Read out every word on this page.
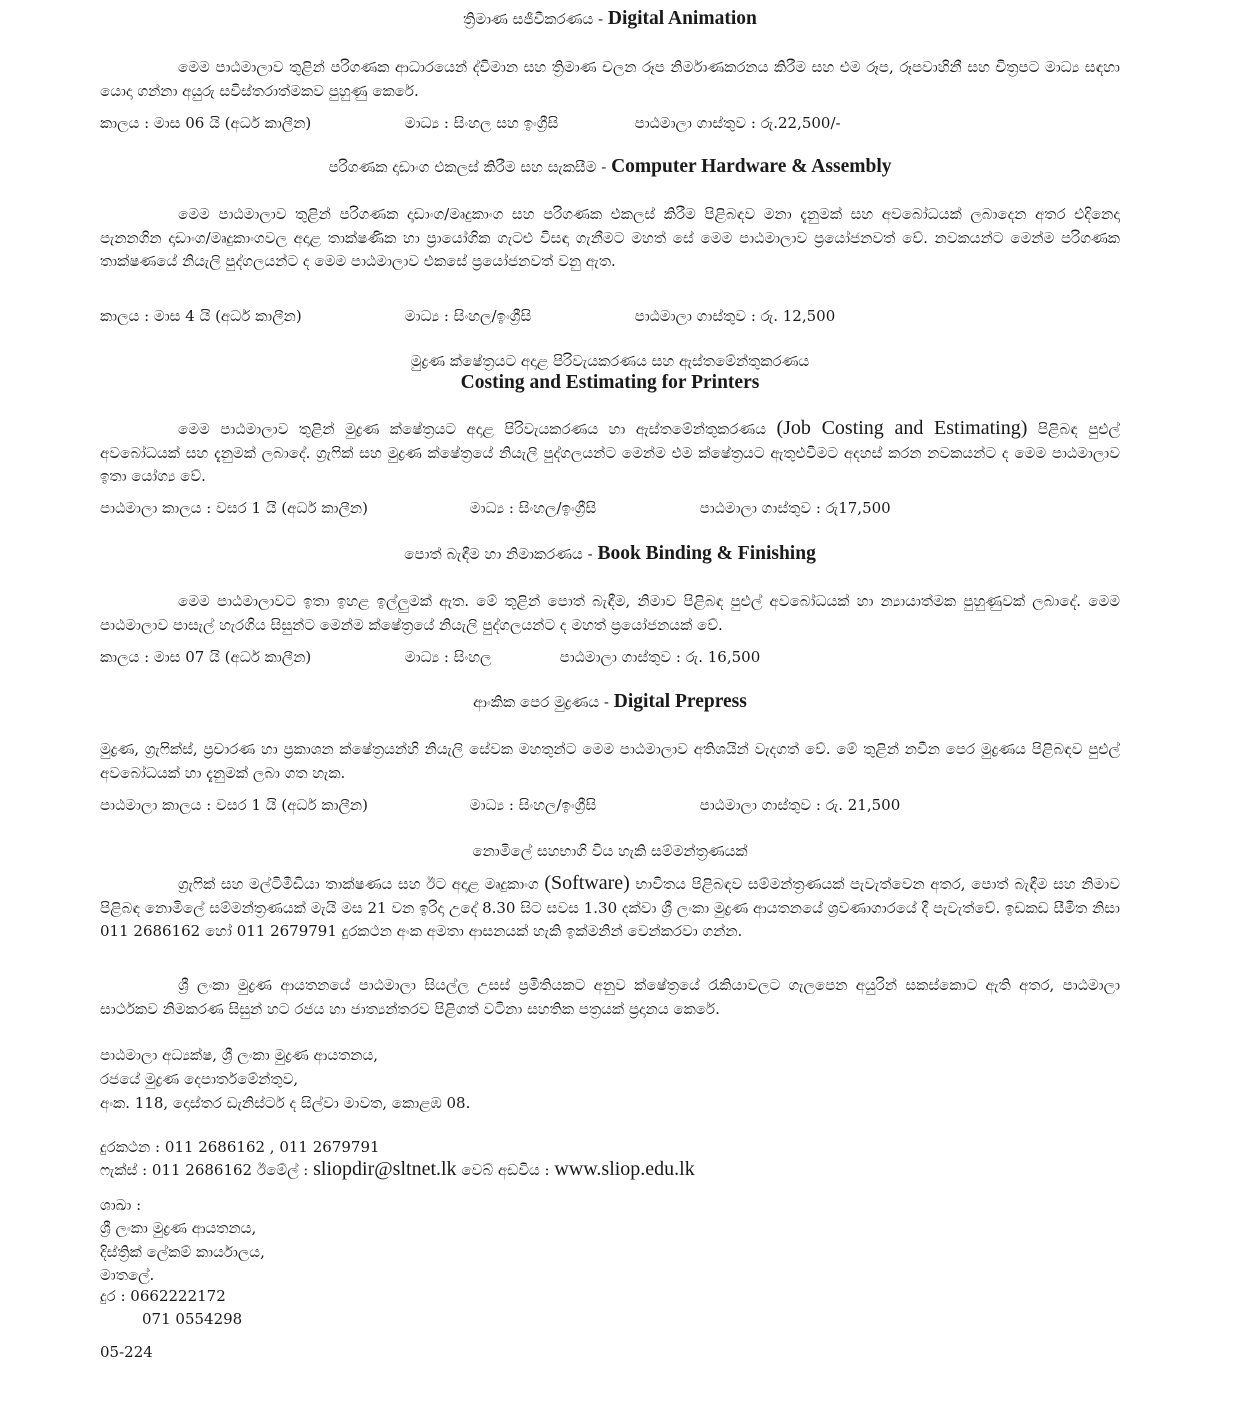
ත්‍රිමාණ සජීවීකරණය - Digital Animation

මෙම පාඨමාලාව තුළින් පරිගණක ආධාරයෙන් ද්විමාන සහ ත්‍රිමාණ චලන රූප නිර්මාණකරනය කිරීම සහ එම රූප, රූපවාහිනී සහ චිත්‍රපට මාධ්‍ය සඳහා යොදා ගන්නා අයුරු සවිස්තරාත්මකව පුහුණු කෙරේ.

කාලය : මාස 06 යි (අර්ධ කාලීන)	මාධ්‍ය : සිංහල සහ ඉංග්‍රීසි	පාඨමාලා ගාස්තුව : රු.22,500/-
පරිගණක දෘඩාංග එකලස් කිරීම සහ සැකසීම - Computer Hardware & Assembly

මෙම පාඨමාලාව තුළින් පරිගණක දෘඩාංග/මෘදුකාංග සහ පරිගණක එකලස් කිරීම පිළිබඳව මනා දැනුමක් සහ අවබෝධයක් ලබාදෙන අතර එදිනෙදා පැනනගින දෘඩාංග/මෘදුකාංගවල අදාළ තාක්ෂණික හා ප්‍රායෝගික ගැටළු විසඳා ගැනීමට මහත් සේ මෙම පාඨමාලාව ප්‍රයෝජනවත් වේ. නවකයන්ට මෙන්ම පරිගණක තාක්ෂණයේ නියැලි පුද්ගලයන්ට ද මෙම පාඨමාලාව එකසේ ප්‍රයෝජනවත් වනු ඇත.

කාලය : මාස 4 යි (අර්ධ කාලීන)	මාධ්‍ය : සිංහල/ඉංග්‍රීසි	පාඨමාලා ගාස්තුව : රු. 12,500
මුද්‍රණ ක්ෂේත්‍රයට අදාළ පිරිවැයකරණය සහ ඇස්තමේන්තුකරණය
Costing and Estimating for Printers

මෙම පාඨමාලාව තුළින් මුද්‍රණ ක්ෂේත්‍රයට අදාළ පිරිවැයකරණය හා ඇස්තමේන්තුකරණය (Job Costing and Estimating) පිළිබඳ පුළුල් අවබෝධයක් සහ දැනුමක් ලබාදේ. ග්‍රැෆික් සහ මුද්‍රණ ක්ෂේත්‍රයේ නියැලි පුද්ගලයන්ට මෙන්ම එම ක්ෂේත්‍රයට ඇතුළුවීමට අදහස් කරන නවකයන්ට ද මෙම පාඨමාලාව ඉතා යෝග්‍ය වේ.

පාඨමාලා කාලය : වසර 1 යි (අර්ධ කාලීන)	මාධ්‍ය : සිංහල/ඉංග්‍රීසි	පාඨමාලා ගාස්තුව : රු17,500
පොත් බැඳීම හා නිමාකරණය - Book Binding & Finishing

මෙම පාඨමාලාවට ඉතා ඉහළ ඉල්ලුමක් ඇත. මේ තුළින් පොත් බැඳීම, නිමාව පිළිබඳ පුළුල් අවබෝධයක් හා න්‍යායාත්මක පුහුණුවක් ලබාදේ. මෙම පාඨමාලාව පාසැල් හැරගිය සිසුන්ට මෙන්ම ක්ෂේත්‍රයේ නියැලි පුද්ගලයන්ට ද මහත් ප්‍රයෝජනයක් වේ.

කාලය : මාස 07 යි (අර්ධ කාලීන)	මාධ්‍ය : සිංහල	පාඨමාලා ගාස්තුව : රු. 16,500
ආංකික පෙර මුද්‍රණය - Digital Prepress

මුද්‍රණ, ග්‍රැෆික්ස්, ප්‍රචාරණ හා ප්‍රකාශන ක්ෂේත්‍රයන්හි නියැලි සේවක මහතුන්ට මෙම පාඨමාලාව අතිශයින් වැදගත් වේ. මේ තුළින් නවීන පෙර මුද්‍රණය පිළිබඳව පුළුල් අවබෝධයක් හා දැනුමක් ලබා ගත හැක.

පාඨමාලා කාලය : වසර 1 යි (අර්ධ කාලීන)	මාධ්‍ය : සිංහල/ඉංග්‍රීසි	පාඨමාලා ගාස්තුව : රු. 21,500
නොමිලේ සහභාගි විය හැකි සම්මන්ත්‍රණයක්

ග්‍රැෆික් සහ මල්ටිමීඩියා තාක්ෂණය සහ ඊට අදාළ මෘදුකාංග (Software) භාවිතය පිළිබඳව සම්මන්ත්‍රණයක් පැවැත්වෙන අතර, පොත් බැඳීම සහ නිමාව පිළිබඳ නොමිලේ සම්මන්ත්‍රණයක් මැයි මස 21 වන ඉරිදා උදේ 8.30 සිට සවස 1.30 දක්වා ශ්‍රී ලංකා මුද්‍රණ ආයතනයේ ශ්‍රවණාගාරයේ දී පැවැත්වේ. ඉඩකඩ සීමිත නිසා 011 2686162 හෝ 011 2679791 දුරකථන අංක අමතා ආසනයක් හැකි ඉක්මනින් වෙන්කරවා ගන්න.

ශ්‍රී ලංකා මුද්‍රණ ආයතනයේ පාඨමාලා සියල්ල උසස් ප්‍රමිතියකට අනුව ක්ෂේත්‍රයේ රැකියාවලට ගැලපෙන අයුරින් සකස්කොට ඇති අතර, පාඨමාලා සාර්ථකව නිමකරණ සිසුන් හට රජය හා ජාත්‍යන්තරව පිළිගත් වටිනා සහතික පත්‍රයක් ප්‍රදානය කෙරේ.

පාඨමාලා අධ්‍යක්ෂ, ශ්‍රී ලංකා මුද්‍රණ ආයතනය,
රජයේ මුද්‍රණ දෙපාර්තමේන්තුව,
අංක. 118, දොස්තර ඩැනිස්ටර් ද සිල්වා මාවත, කොළඹ 08.
දුරකථන : 011 2686162 , 011 2679791
ෆැක්ස් : 011 2686162 ඊමේල් : sliopdir@sltnet.lk වෙබ් අඩවිය : www.sliop.edu.lk
ශාඛා :
ශ්‍රී ලංකා මුද්‍රණ ආයතනය,
දිස්ත්‍රික් ලේකම් කාර්යාලය,
මාතලේ.
දුර : 0662222172
071 0554298
05-224
